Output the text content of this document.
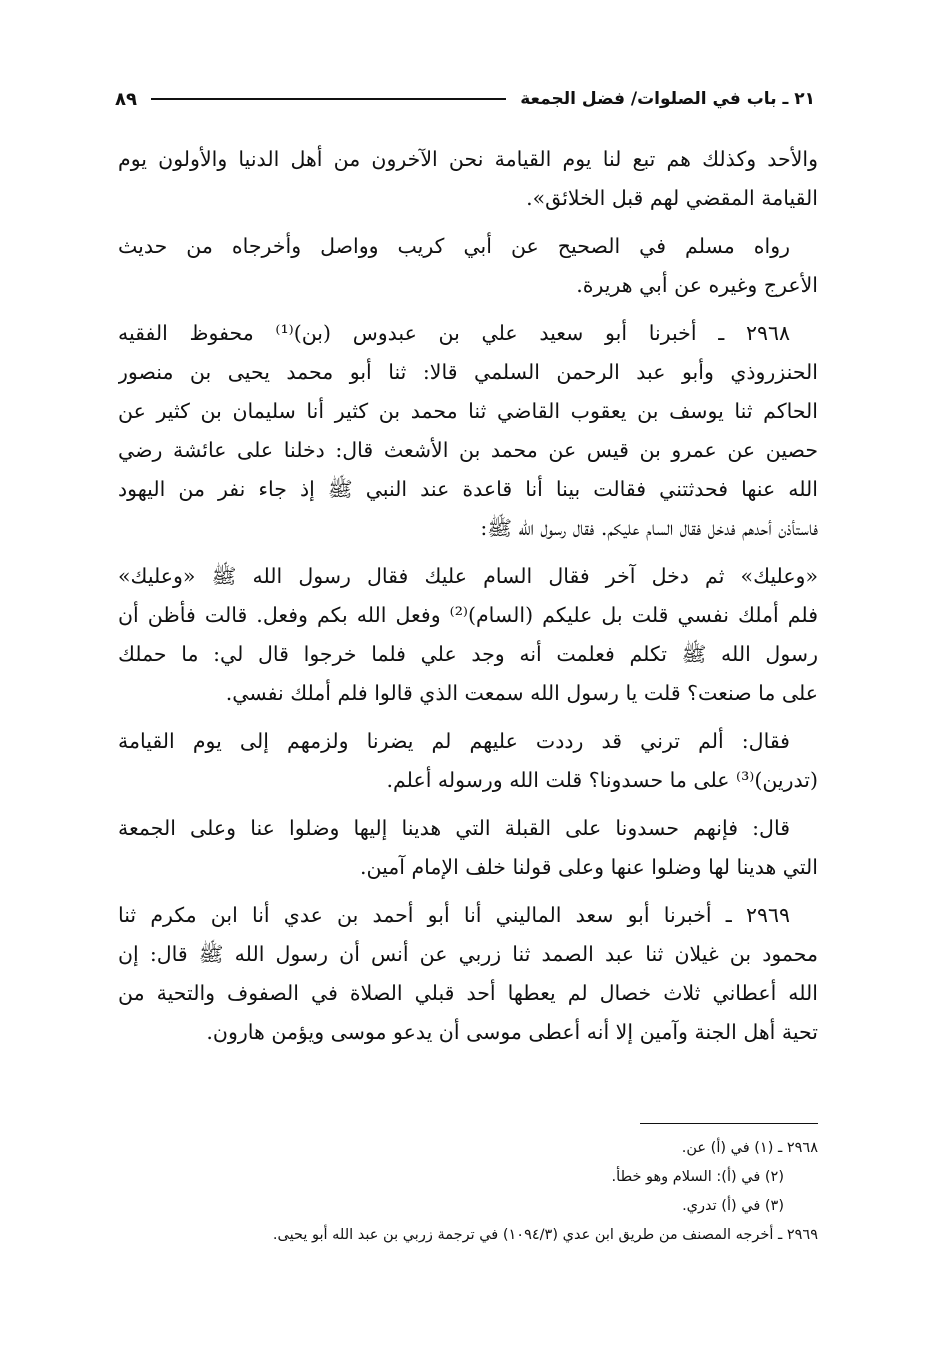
٢١ ـ باب في الصلوات/ فضل الجمعة
٨٩
والأحد وكذلك هم تبع لنا يوم القيامة نحن الآخرون من أهل الدنيا والأولون يوم
القيامة المقضي لهم قبل الخلائق».
رواه مسلم في الصحيح عن أبي كريب وواصل وأخرجاه من حديث
الأعرج وغيره عن أبي هريرة.
٢٩٦٨ ـ أخبرنا أبو سعيد علي بن عبدوس (بن)⁽¹⁾ محفوظ الفقيه
الحنزروذي وأبو عبد الرحمن السلمي قالا: ثنا أبو محمد يحيى بن منصور
الحاكم ثنا يوسف بن يعقوب القاضي ثنا محمد بن كثير أنا سليمان بن كثير عن
حصين عن عمرو بن قيس عن محمد بن الأشعث قال: دخلنا على عائشة رضي
الله عنها فحدثتني فقالت بينا أنا قاعدة عند النبي ﷺ إذ جاء نفر من اليهود
فاستأذن أحدهم فدخل فقال السام عليكم. فقال رسول الله ﷺ:
«وعليك» ثم دخل آخر فقال السام عليك فقال رسول الله ﷺ «وعليك»
فلم أملك نفسي قلت بل عليكم (السام)⁽²⁾ وفعل الله بكم وفعل. قالت فأظن أن
رسول الله ﷺ تكلم فعلمت أنه وجد علي فلما خرجوا قال لي: ما حملك
على ما صنعت؟ قلت يا رسول الله سمعت الذي قالوا فلم أملك نفسي.
فقال: ألم ترني قد رددت عليهم لم يضرنا ولزمهم إلى يوم القيامة
(تدرين)⁽³⁾ على ما حسدونا؟ قلت الله ورسوله أعلم.
قال: فإنهم حسدونا على القبلة التي هدينا إليها وضلوا عنا وعلى الجمعة
التي هدينا لها وضلوا عنها وعلى قولنا خلف الإمام آمين.
٢٩٦٩ ـ أخبرنا أبو سعد الماليني أنا أبو أحمد بن عدي أنا ابن مكرم ثنا
محمود بن غيلان ثنا عبد الصمد ثنا زربي عن أنس أن رسول الله ﷺ قال: إن
الله أعطاني ثلاث خصال لم يعطها أحد قبلي الصلاة في الصفوف والتحية من
تحية أهل الجنة وآمين إلا أنه أعطى موسى أن يدعو موسى ويؤمن هارون.
٢٩٦٨ ـ (١) في (أ) عن.
(٢) في (أ): السلام وهو خطأ.
(٣) في (أ) تدري.
٢٩٦٩ ـ أخرجه المصنف من طريق ابن عدي (١٠٩٤/٣) في ترجمة زربي بن عبد الله أبو يحيى.
